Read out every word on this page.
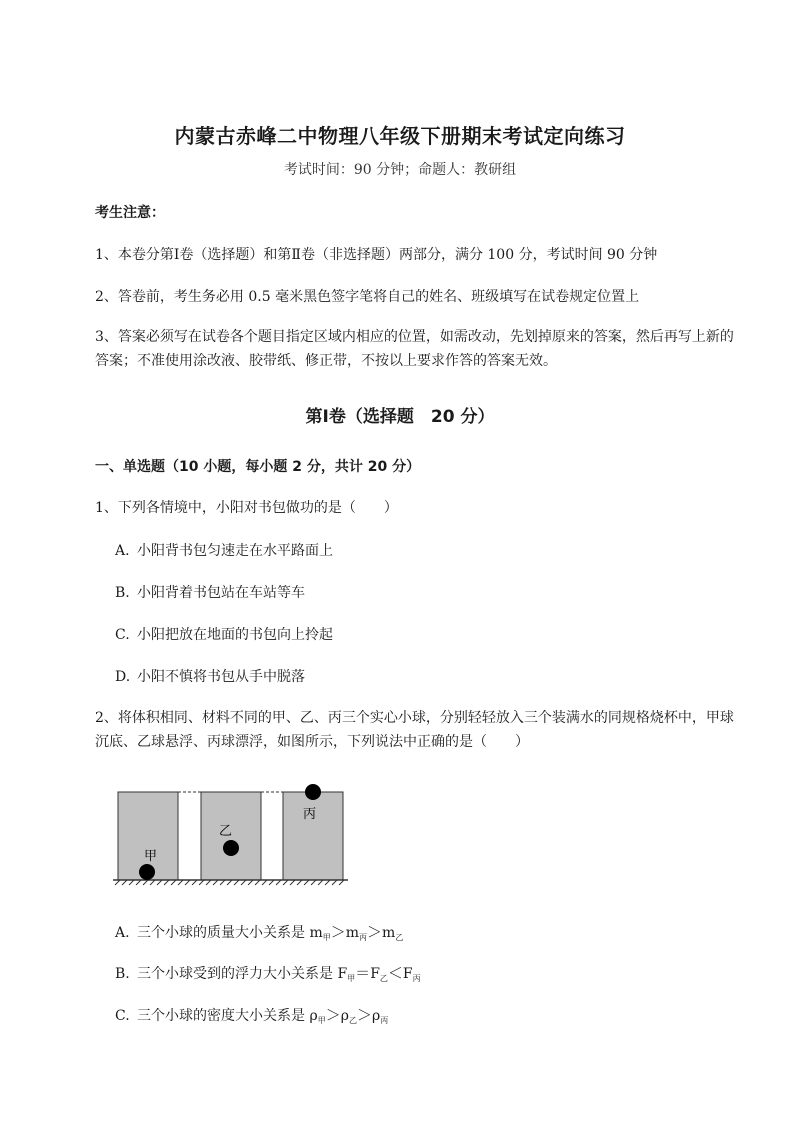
内蒙古赤峰二中物理八年级下册期末考试定向练习
考试时间：90 分钟；命题人：教研组
考生注意：
1、本卷分第Ⅰ卷（选择题）和第Ⅱ卷（非选择题）两部分，满分 100 分，考试时间 90 分钟
2、答卷前，考生务必用 0.5 毫米黑色签字笔将自己的姓名、班级填写在试卷规定位置上
3、答案必须写在试卷各个题目指定区域内相应的位置，如需改动，先划掉原来的答案，然后再写上新的答案；不准使用涂改液、胶带纸、修正带，不按以上要求作答的答案无效。
第Ⅰ卷（选择题　20 分）
一、单选题（10 小题，每小题 2 分，共计 20 分）
1、下列各情境中，小阳对书包做功的是（　　）
A. 小阳背书包匀速走在水平路面上
B. 小阳背着书包站在车站等车
C. 小阳把放在地面的书包向上拎起
D. 小阳不慎将书包从手中脱落
2、将体积相同、材料不同的甲、乙、丙三个实心小球，分别轻轻放入三个装满水的同规格烧杯中，甲球沉底、乙球悬浮、丙球漂浮，如图所示，下列说法中正确的是（　　）
甲
乙
丙
A. 三个小球的质量大小关系是 $m_甲>m_丙>m_乙$
B. 三个小球受到的浮力大小关系是 $F_甲=F_乙<F_丙$
C. 三个小球的密度大小关系是 $\rho_甲>\rho_乙>\rho_丙$
